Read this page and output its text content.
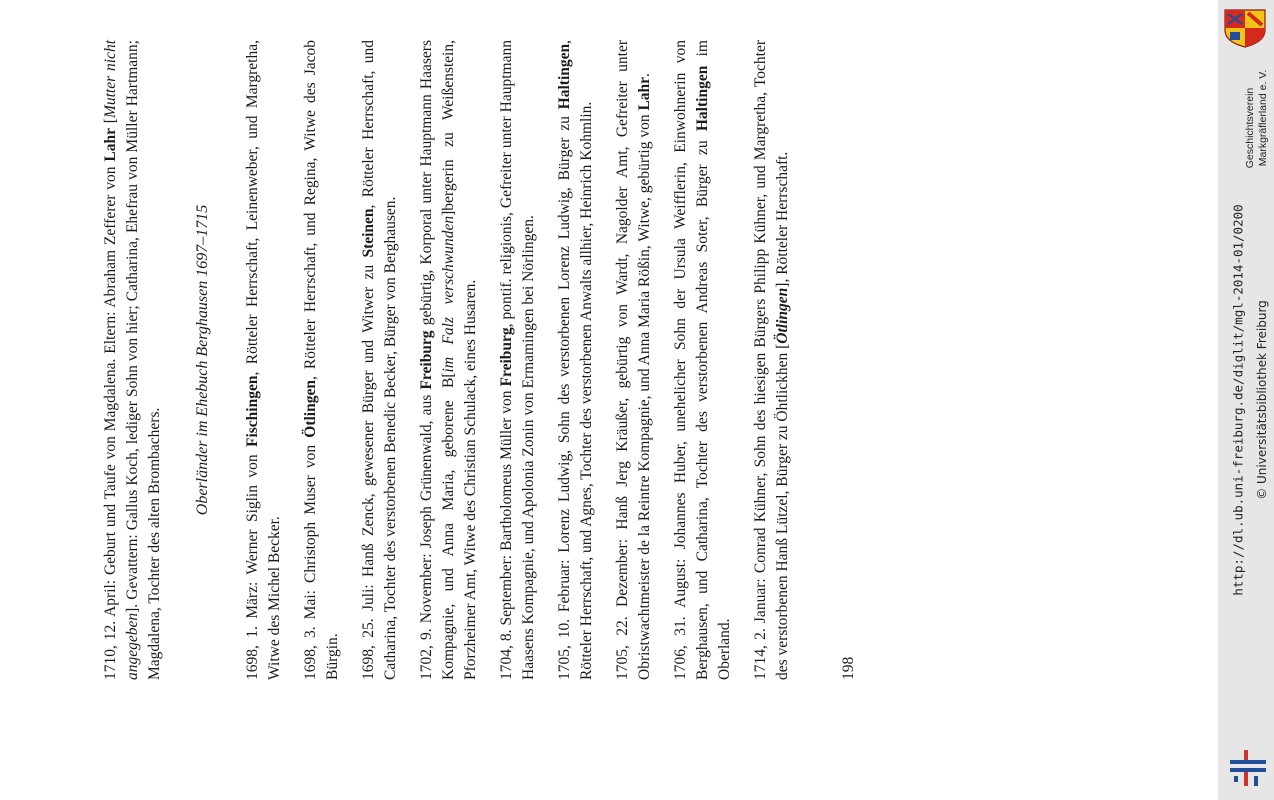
1710, 12. April: Geburt und Taufe von Magdalena. Eltern: Abraham Zefferer von Lahr [Mutter nicht angegeben]. Gevattern: Gallus Koch, lediger Sohn von hier; Catharina, Ehefrau von Müller Hartmann; Magdalena, Tochter des alten Brombachers.

Oberländer im Ehebuch Berghausen 1697–1715

1698, 1. März: Werner Siglin von Fischingen, Rötteler Herrschaft, Leinenweber, und Margretha, Witwe des Michel Becker. 1698, 3. Mai: Christoph Muser von Ötlingen, Rötteler Herrschaft, und Regina, Witwe des Jacob Bürgin. 1698, 25. Juli: Hanß Zenck, gewesener Bürger und Witwer zu Steinen, Rötteler Herrschaft, und Catharina, Tochter des verstorbenen Benedic Becker, Bürger von Berghausen. 1702, 9. November: Joseph Grünenwald, aus Freiburg gebürtig, Korporal unter Hauptmann Haasers Kompagnie, und Anna Maria, geborene B[im Falz verschwunden]bergerin zu Weißenstein, Pforzheimer Amt, Witwe des Christian Schulack, eines Husaren. 1704, 8. September: Bartholomeus Müller von Freiburg, pontif. religionis, Gefreiter unter Hauptmann Haasens Kompagnie, und Apolonia Zonin von Ermamingen bei Nörlingen. 1705, 10. Februar: Lorenz Ludwig, Sohn des verstorbenen Lorenz Ludwig, Bürger zu Haltingen, Rötteler Herrschaft, und Agnes, Tochter des verstorbenen Anwalts allhier, Heinrich Kohmlin. 1705, 22. Dezember: Hanß Jerg Kräußer, gebürtig von Wardt, Nagolder Amt, Gefreiter unter Obristwachtmeister de la Reintre Kompagnie, und Anna Maria Rößin, Witwe, gebürtig von Lahr. 1706, 31. August: Johannes Huber, unehelicher Sohn der Ursula Weifflerin, Einwohnerin von Berghausen, und Catharina, Tochter des verstorbenen Andreas Soter, Bürger zu Haltingen im Oberland. 1714, 2. Januar: Conrad Kühner, Sohn des hiesigen Bürgers Philipp Kühner, und Margretha, Tochter des verstorbenen Hanß Lützel, Bürger zu Öhtlickhen [Ötlingen], Rötteler Herrschaft.

198

Geschichtsverein Markgräflerland e. V.
http://dl.ub.uni-freiburg.de/diglit/mgl-2014-01/0200 © Universitätsbibliothek Freiburg
